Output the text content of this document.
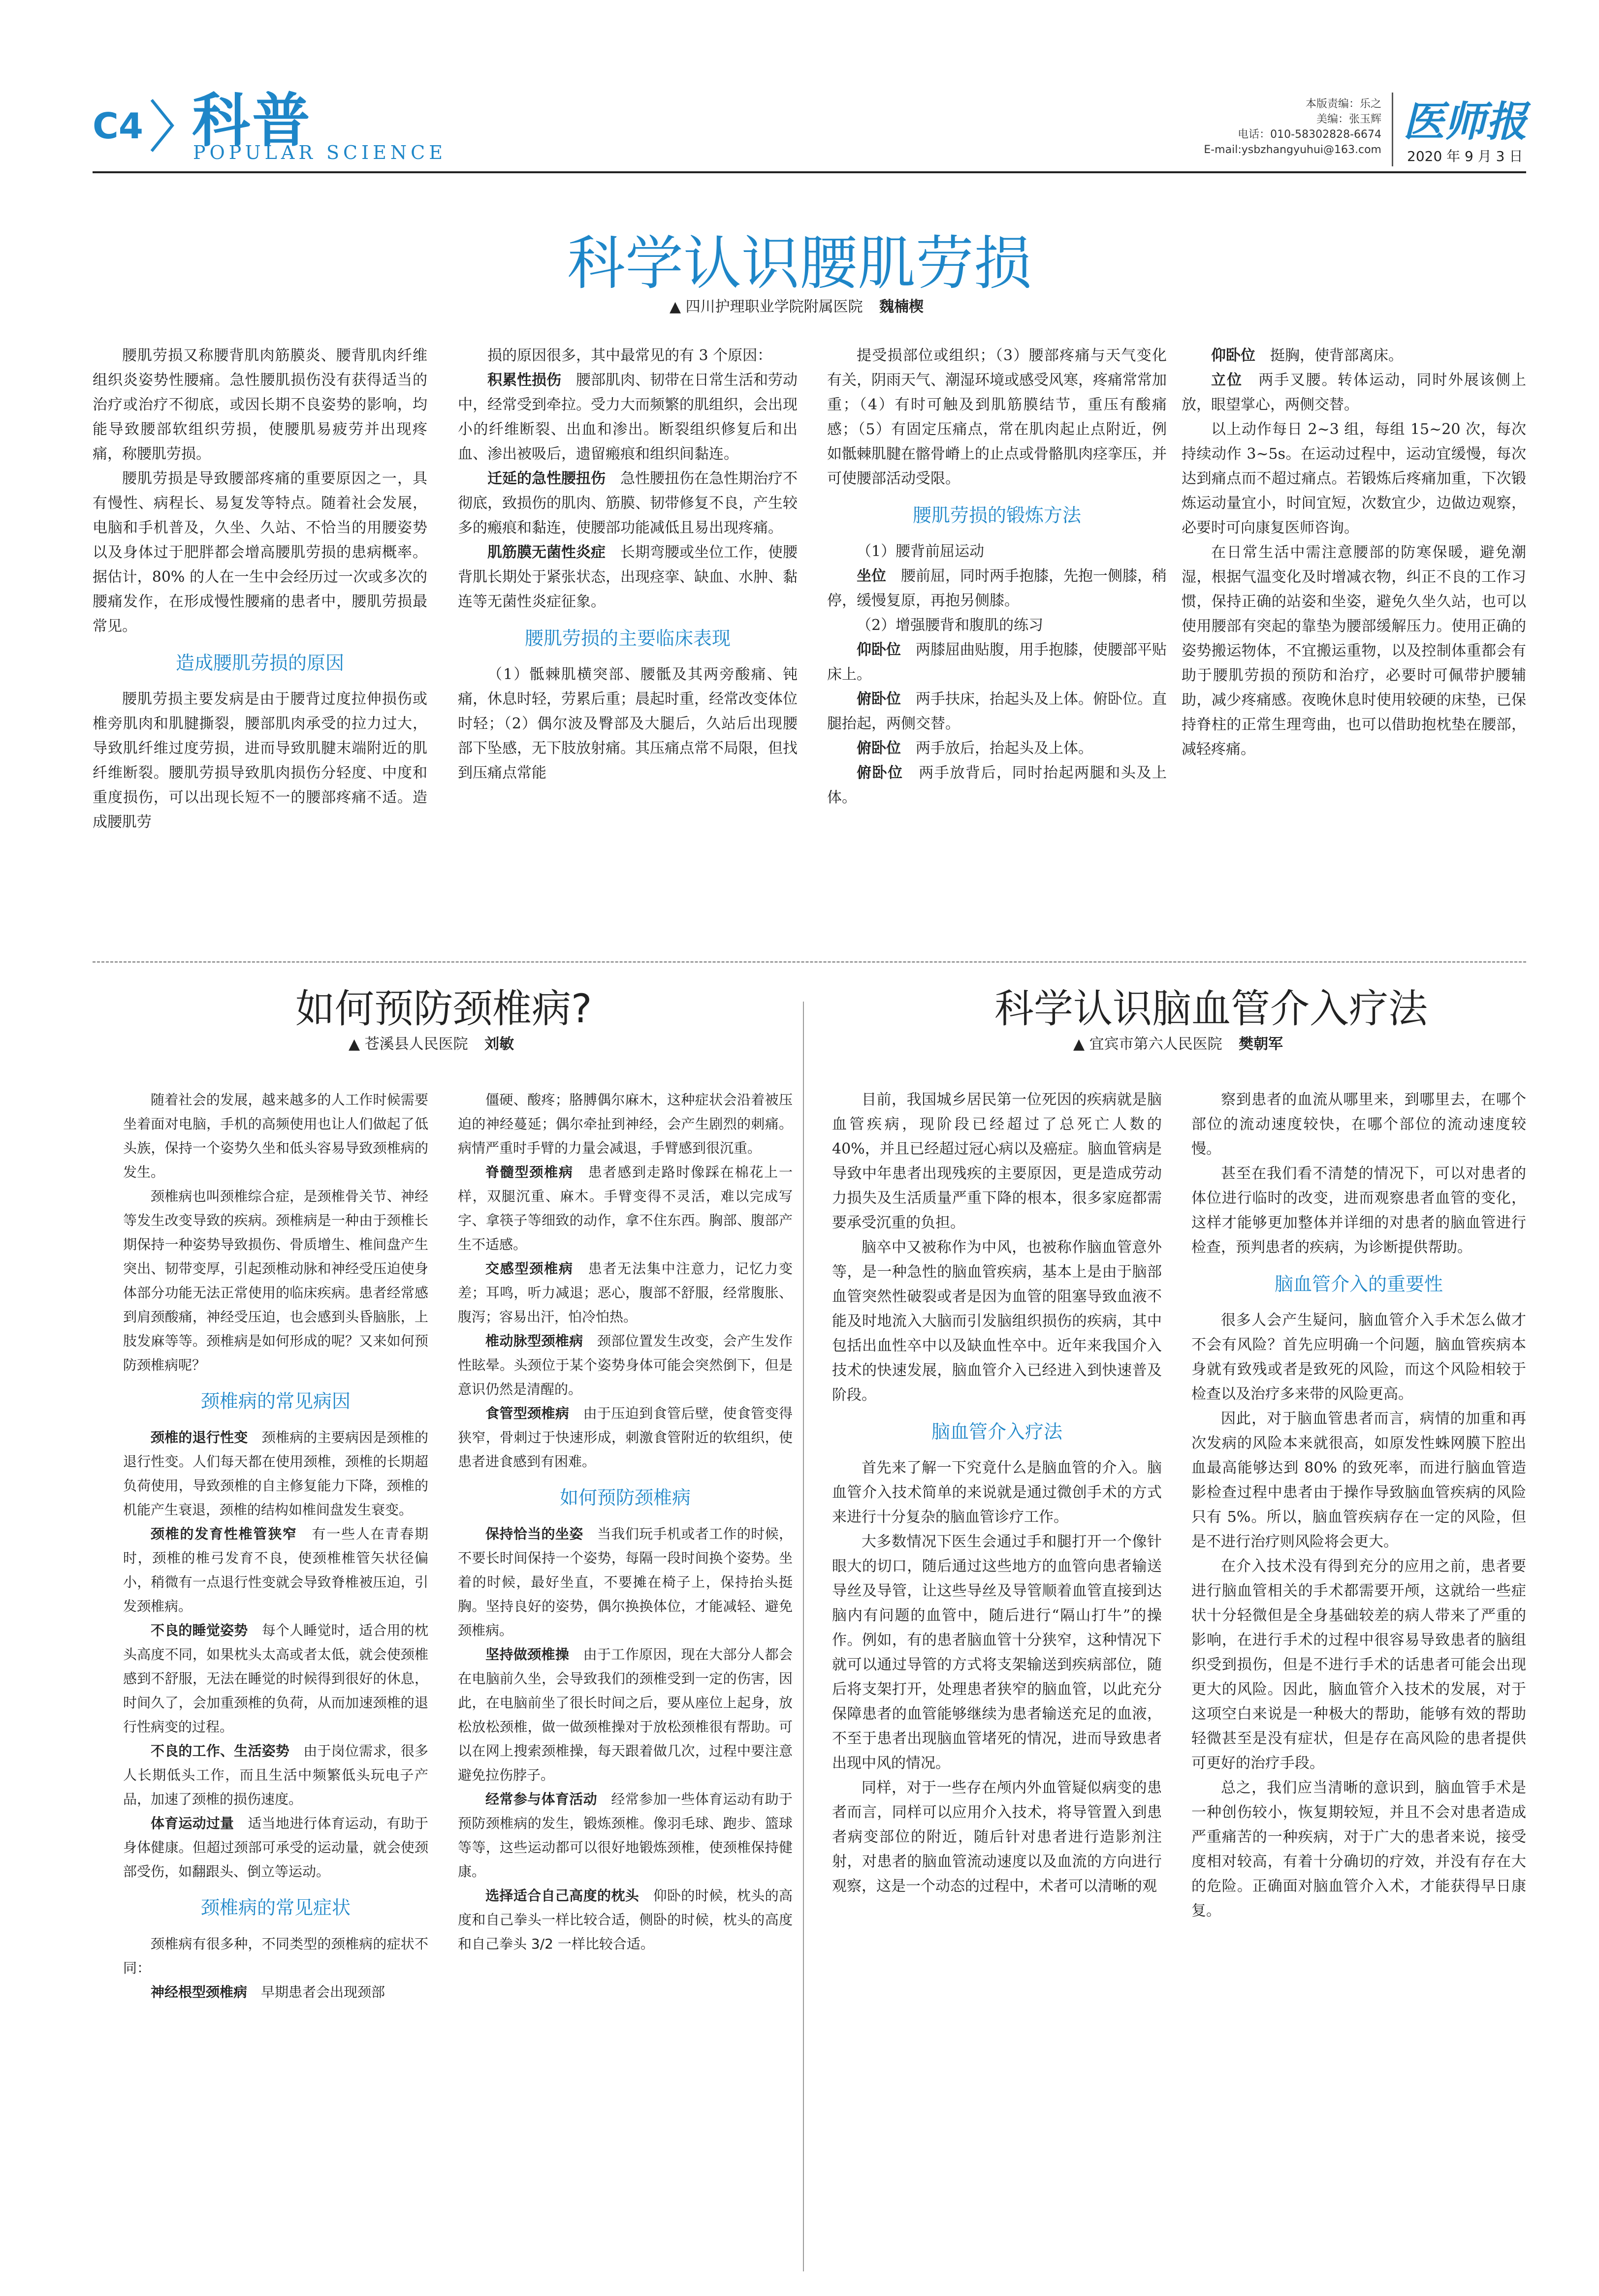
C4 科普
POPULAR SCIENCE
本版责编：乐之
美编：张玉辉
电话：010-58302828-6674
E-mail:ysbzhangyuhui@163.com
医师报
2020 年 9 月 3 日
科学认识腰肌劳损
▲ 四川护理职业学院附属医院 魏楠楔

腰肌劳损又称腰背肌肉筋膜炎、腰背肌肉纤维组织炎姿势性腰痛。急性腰肌损伤没有获得适当的治疗或治疗不彻底，或因长期不良姿势的影响，均能导致腰部软组织劳损，使腰肌易疲劳并出现疼痛，称腰肌劳损。

腰肌劳损是导致腰部疼痛的重要原因之一，具有慢性、病程长、易复发等特点。随着社会发展，电脑和手机普及，久坐、久站、不恰当的用腰姿势以及身体过于肥胖都会增高腰肌劳损的患病概率。据估计，80% 的人在一生中会经历过一次或多次的腰痛发作，在形成慢性腰痛的患者中，腰肌劳损最常见。

造成腰肌劳损的原因

腰肌劳损主要发病是由于腰背过度拉伸损伤或椎旁肌肉和肌腱撕裂，腰部肌肉承受的拉力过大，导致肌纤维过度劳损，进而导致肌腱末端附近的肌纤维断裂。腰肌劳损导致肌肉损伤分轻度、中度和重度损伤，可以出现长短不一的腰部疼痛不适。造成腰肌劳

损的原因很多，其中最常见的有 3 个原因：

积累性损伤　 腰部肌肉、韧带在日常生活和劳动中，经常受到牵拉。受力大而频繁的肌组织，会出现小的纤维断裂、出血和渗出。断裂组织修复后和出血、渗出被吸后，遗留瘢痕和组织间黏连。

迁延的急性腰扭伤　 急性腰扭伤在急性期治疗不彻底，致损伤的肌肉、筋膜、韧带修复不良，产生较多的瘢痕和黏连，使腰部功能减低且易出现疼痛。

肌筋膜无菌性炎症　 长期弯腰或坐位工作，使腰背肌长期处于紧张状态，出现痉挛、缺血、水肿、黏连等无菌性炎症征象。

腰肌劳损的主要临床表现

（1）骶棘肌横突部、腰骶及其两旁酸痛、钝痛，休息时轻，劳累后重；晨起时重，经常改变体位时轻；（2）偶尔波及臀部及大腿后，久站后出现腰部下坠感，无下肢放射痛。其压痛点常不局限，但找到压痛点常能

提受损部位或组织；（3）腰部疼痛与天气变化有关，阴雨天气、潮湿环境或感受风寒，疼痛常常加重；（4）有时可触及到肌筋膜结节，重压有酸痛感；（5）有固定压痛点，常在肌肉起止点附近，例如骶棘肌腱在髂骨嵴上的止点或骨骼肌肉痉挛压，并可使腰部活动受限。

腰肌劳损的锻炼方法

（1）腰背前屈运动

坐位　 腰前屈，同时两手抱膝，先抱一侧膝，稍停，缓慢复原，再抱另侧膝。

（2）增强腰背和腹肌的练习

仰卧位　 两膝屈曲贴腹，用手抱膝，使腰部平贴床上。

俯卧位　 两手扶床，抬起头及上体。俯卧位。直腿抬起，两侧交替。

俯卧位　 两手放后，抬起头及上体。

俯卧位　 两手放背后，同时抬起两腿和头及上体。

仰卧位　 挺胸，使背部离床。

立位　 两手叉腰。转体运动，同时外展该侧上放，眼望掌心，两侧交替。

以上动作每日 2~3 组，每组 15~20 次，每次持续动作 3~5s。在运动过程中，运动宜缓慢，每次达到痛点而不超过痛点。若锻炼后疼痛加重，下次锻炼运动量宜小，时间宜短，次数宜少，边做边观察，必要时可向康复医师咨询。

在日常生活中需注意腰部的防寒保暖，避免潮湿，根据气温变化及时增减衣物，纠正不良的工作习惯，保持正确的站姿和坐姿，避免久坐久站，也可以使用腰部有突起的靠垫为腰部缓解压力。使用正确的姿势搬运物体，不宜搬运重物，以及控制体重都会有助于腰肌劳损的预防和治疗，必要时可佩带护腰辅助，减少疼痛感。夜晚休息时使用较硬的床垫，已保持脊柱的正常生理弯曲，也可以借助抱枕垫在腰部，减轻疼痛。

如何预防颈椎病?
▲ 苍溪县人民医院 刘敏

随着社会的发展，越来越多的人工作时候需要坐着面对电脑，手机的高频使用也让人们做起了低头族，保持一个姿势久坐和低头容易导致颈椎病的发生。

颈椎病也叫颈椎综合症，是颈椎骨关节、神经等发生改变导致的疾病。颈椎病是一种由于颈椎长期保持一种姿势导致损伤、骨质增生、椎间盘产生突出、韧带变厚，引起颈椎动脉和神经受压迫使身体部分功能无法正常使用的临床疾病。患者经常感到肩颈酸痛，神经受压迫，也会感到头昏脑胀，上肢发麻等等。颈椎病是如何形成的呢？又来如何预防颈椎病呢？

颈椎病的常见病因

颈椎的退行性变　 颈椎病的主要病因是颈椎的退行性变。人们每天都在使用颈椎，颈椎的长期超负荷使用，导致颈椎的自主修复能力下降，颈椎的机能产生衰退，颈椎的结构如椎间盘发生衰变。

颈椎的发育性椎管狭窄　 有一些人在青春期时，颈椎的椎弓发育不良，使颈椎椎管矢状径偏小，稍微有一点退行性变就会导致脊椎被压迫，引发颈椎病。

不良的睡觉姿势　 每个人睡觉时，适合用的枕头高度不同，如果枕头太高或者太低，就会使颈椎感到不舒服，无法在睡觉的时候得到很好的休息，时间久了，会加重颈椎的负荷，从而加速颈椎的退行性病变的过程。

不良的工作、生活姿势　 由于岗位需求，很多人长期低头工作，而且生活中频繁低头玩电子产品，加速了颈椎的损伤速度。

体育运动过量　 适当地进行体育运动，有助于身体健康。但超过颈部可承受的运动量，就会使颈部受伤，如翻跟头、倒立等运动。

颈椎病的常见症状

颈椎病有很多种，不同类型的颈椎病的症状不同：

神经根型颈椎病　 早期患者会出现颈部

僵硬、酸疼；胳膊偶尔麻木，这种症状会沿着被压迫的神经蔓延；偶尔牵扯到神经，会产生剧烈的刺痛。病情严重时手臂的力量会减退，手臂感到很沉重。

脊髓型颈椎病　 患者感到走路时像踩在棉花上一样，双腿沉重、麻木。手臂变得不灵活，难以完成写字、拿筷子等细致的动作，拿不住东西。胸部、腹部产生不适感。

交感型颈椎病　 患者无法集中注意力，记忆力变差；耳鸣，听力减退；恶心，腹部不舒服，经常腹胀、腹泻；容易出汗，怕冷怕热。

椎动脉型颈椎病　 颈部位置发生改变，会产生发作性眩晕。头颈位于某个姿势身体可能会突然倒下，但是意识仍然是清醒的。

食管型颈椎病　 由于压迫到食管后壁，使食管变得狭窄，骨刺过于快速形成，刺激食管附近的软组织，使患者进食感到有困难。

如何预防颈椎病

保持恰当的坐姿　 当我们玩手机或者工作的时候，不要长时间保持一个姿势，每隔一段时间换个姿势。坐着的时候，最好坐直，不要摊在椅子上，保持抬头挺胸。坚持良好的姿势，偶尔换换体位，才能减轻、避免颈椎病。

坚持做颈椎操　 由于工作原因，现在大部分人都会在电脑前久坐，会导致我们的颈椎受到一定的伤害，因此，在电脑前坐了很长时间之后，要从座位上起身，放松放松颈椎，做一做颈椎操对于放松颈椎很有帮助。可以在网上搜索颈椎操，每天跟着做几次，过程中要注意避免拉伤脖子。

经常参与体育活动　 经常参加一些体育运动有助于预防颈椎病的发生，锻炼颈椎。像羽毛球、跑步、篮球等等，这些运动都可以很好地锻炼颈椎，使颈椎保持健康。

选择适合自己高度的枕头　 仰卧的时候，枕头的高度和自己拳头一样比较合适，侧卧的时候，枕头的高度和自己拳头 3/2 一样比较合适。

科学认识脑血管介入疗法
▲ 宜宾市第六人民医院 樊朝军

目前，我国城乡居民第一位死因的疾病就是脑血管疾病，现阶段已经超过了总死亡人数的 40%，并且已经超过冠心病以及癌症。脑血管病是导致中年患者出现残疾的主要原因，更是造成劳动力损失及生活质量严重下降的根本，很多家庭都需要承受沉重的负担。

脑卒中又被称作为中风，也被称作脑血管意外等，是一种急性的脑血管疾病，基本上是由于脑部血管突然性破裂或者是因为血管的阻塞导致血液不能及时地流入大脑而引发脑组织损伤的疾病，其中包括出血性卒中以及缺血性卒中。近年来我国介入技术的快速发展，脑血管介入已经进入到快速普及阶段。

脑血管介入疗法

首先来了解一下究竟什么是脑血管的介入。脑血管介入技术简单的来说就是通过微创手术的方式来进行十分复杂的脑血管诊疗工作。

大多数情况下医生会通过手和腿打开一个像针眼大的切口，随后通过这些地方的血管向患者输送导丝及导管，让这些导丝及导管顺着血管直接到达脑内有问题的血管中，随后进行“隔山打牛”的操作。例如，有的患者脑血管十分狭窄，这种情况下就可以通过导管的方式将支架输送到疾病部位，随后将支架打开，处理患者狭窄的脑血管，以此充分保障患者的血管能够继续为患者输送充足的血液，不至于患者出现脑血管堵死的情况，进而导致患者出现中风的情况。

同样，对于一些存在颅内外血管疑似病变的患者而言，同样可以应用介入技术，将导管置入到患者病变部位的附近，随后针对患者进行造影剂注射，对患者的脑血管流动速度以及血流的方向进行观察，这是一个动态的过程中，术者可以清晰的观

察到患者的血流从哪里来，到哪里去，在哪个部位的流动速度较快，在哪个部位的流动速度较慢。

甚至在我们看不清楚的情况下，可以对患者的体位进行临时的改变，进而观察患者血管的变化，这样才能够更加整体并详细的对患者的脑血管进行检查，预判患者的疾病，为诊断提供帮助。

脑血管介入的重要性

很多人会产生疑问，脑血管介入手术怎么做才不会有风险？首先应明确一个问题，脑血管疾病本身就有致残或者是致死的风险，而这个风险相较于检查以及治疗多来带的风险更高。

因此，对于脑血管患者而言，病情的加重和再次发病的风险本来就很高，如原发性蛛网膜下腔出血最高能够达到 80% 的致死率，而进行脑血管造影检查过程中患者由于操作导致脑血管疾病的风险只有 5%。所以，脑血管疾病存在一定的风险，但是不进行治疗则风险将会更大。

在介入技术没有得到充分的应用之前，患者要进行脑血管相关的手术都需要开颅，这就给一些症状十分轻微但是全身基础较差的病人带来了严重的影响，在进行手术的过程中很容易导致患者的脑组织受到损伤，但是不进行手术的话患者可能会出现更大的风险。因此，脑血管介入技术的发展，对于这项空白来说是一种极大的帮助，能够有效的帮助轻微甚至是没有症状，但是存在高风险的患者提供可更好的治疗手段。

总之，我们应当清晰的意识到，脑血管手术是一种创伤较小，恢复期较短，并且不会对患者造成严重痛苦的一种疾病，对于广大的患者来说，接受度相对较高，有着十分确切的疗效，并没有存在大的危险。正确面对脑血管介入术，才能获得早日康复。
